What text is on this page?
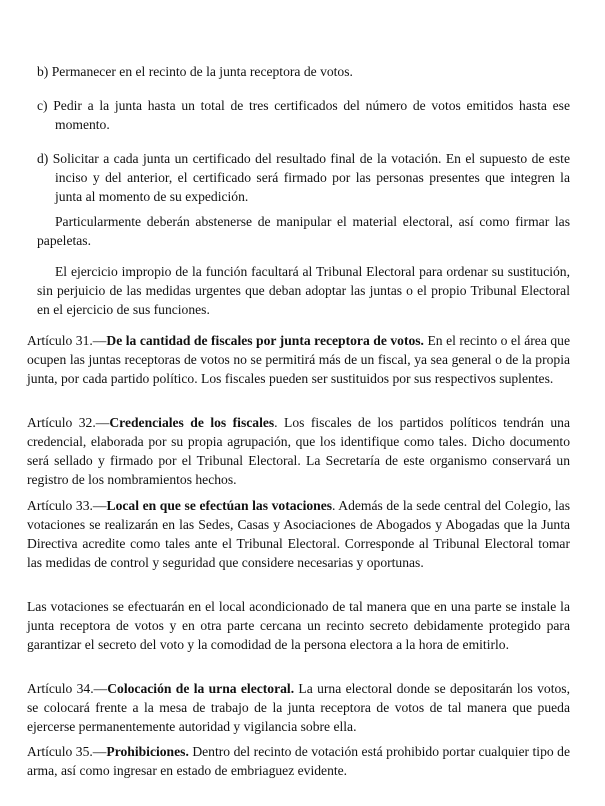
b) Permanecer en el recinto de la junta receptora de votos.

c) Pedir a la junta hasta un total de tres certificados del número de votos emitidos hasta ese momento.

d) Solicitar a cada junta un certificado del resultado final de la votación. En el supuesto de este inciso y del anterior, el certificado será firmado por las personas presentes que integren la junta al momento de su expedición.

Particularmente deberán abstenerse de manipular el material electoral, así como firmar las papeletas.

El ejercicio impropio de la función facultará al Tribunal Electoral para ordenar su sustitución, sin perjuicio de las medidas urgentes que deban adoptar las juntas o el propio Tribunal Electoral en el ejercicio de sus funciones.

Artículo 31.—De la cantidad de fiscales por junta receptora de votos. En el recinto o el área que ocupen las juntas receptoras de votos no se permitirá más de un fiscal, ya sea general o de la propia junta, por cada partido político. Los fiscales pueden ser sustituidos por sus respectivos suplentes.

Artículo 32.—Credenciales de los fiscales. Los fiscales de los partidos políticos tendrán una credencial, elaborada por su propia agrupación, que los identifique como tales. Dicho documento será sellado y firmado por el Tribunal Electoral. La Secretaría de este organismo conservará un registro de los nombramientos hechos.

Artículo 33.—Local en que se efectúan las votaciones. Además de la sede central del Colegio, las votaciones se realizarán en las Sedes, Casas y Asociaciones de Abogados y Abogadas que la Junta Directiva acredite como tales ante el Tribunal Electoral. Corresponde al Tribunal Electoral tomar las medidas de control y seguridad que considere necesarias y oportunas.

Las votaciones se efectuarán en el local acondicionado de tal manera que en una parte se instale la junta receptora de votos y en otra parte cercana un recinto secreto debidamente protegido para garantizar el secreto del voto y la comodidad de la persona electora a la hora de emitirlo.

Artículo 34.—Colocación de la urna electoral. La urna electoral donde se depositarán los votos, se colocará frente a la mesa de trabajo de la junta receptora de votos de tal manera que pueda ejercerse permanentemente autoridad y vigilancia sobre ella.

Artículo 35.—Prohibiciones. Dentro del recinto de votación está prohibido portar cualquier tipo de arma, así como ingresar en estado de embriaguez evidente.
